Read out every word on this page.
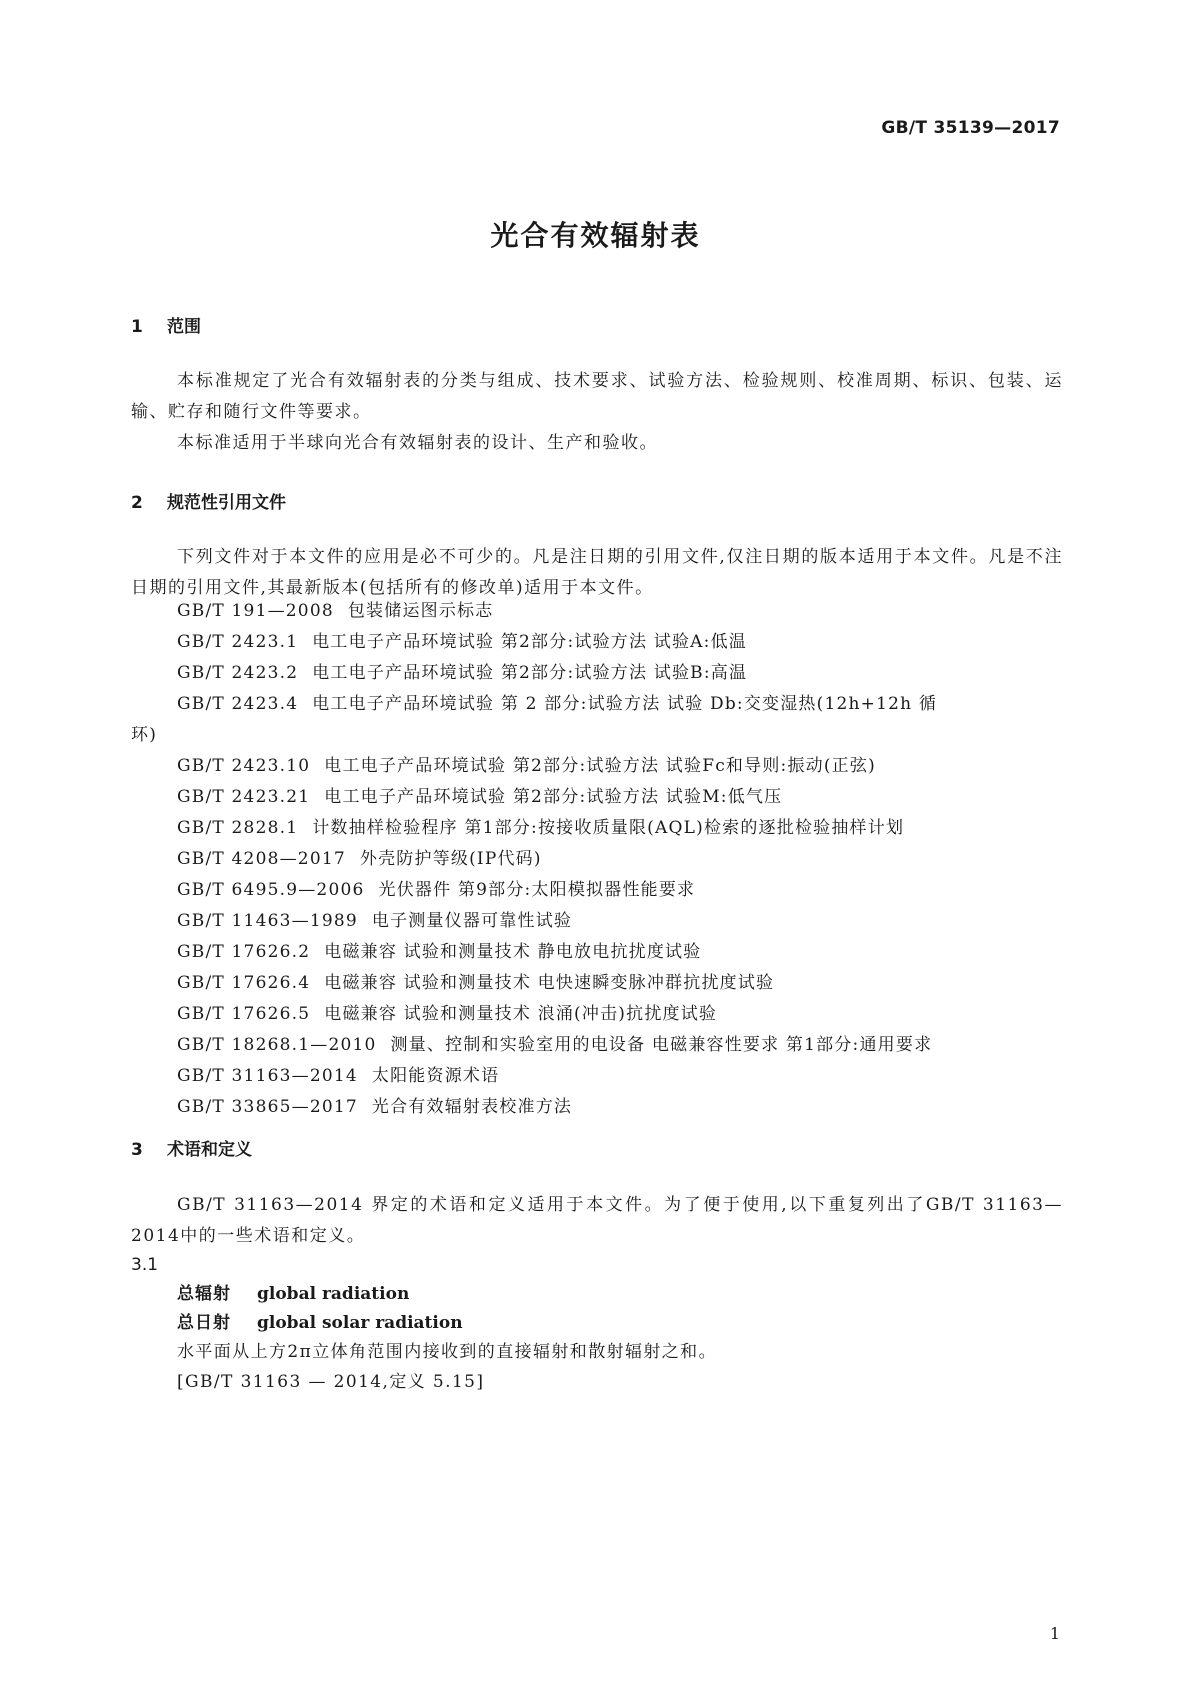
GB/T 35139—2017
光合有效辐射表
1 范围
本标准规定了光合有效辐射表的分类与组成、技术要求、试验方法、检验规则、校准周期、标识、包装、运输、贮存和随行文件等要求。
本标准适用于半球向光合有效辐射表的设计、生产和验收。
2 规范性引用文件
下列文件对于本文件的应用是必不可少的。凡是注日期的引用文件,仅注日期的版本适用于本文件。凡是不注日期的引用文件,其最新版本(包括所有的修改单)适用于本文件。
GB/T 191—2008 包装储运图示标志
GB/T 2423.1 电工电子产品环境试验 第2部分:试验方法 试验A:低温
GB/T 2423.2 电工电子产品环境试验 第2部分:试验方法 试验B:高温
GB/T 2423.4 电工电子产品环境试验 第 2 部分:试验方法 试验 Db:交变湿热(12h+12h 循
环)
GB/T 2423.10 电工电子产品环境试验 第2部分:试验方法 试验Fc和导则:振动(正弦)
GB/T 2423.21 电工电子产品环境试验 第2部分:试验方法 试验M:低气压
GB/T 2828.1 计数抽样检验程序 第1部分:按接收质量限(AQL)检索的逐批检验抽样计划
GB/T 4208—2017 外壳防护等级(IP代码)
GB/T 6495.9—2006 光伏器件 第9部分:太阳模拟器性能要求
GB/T 11463—1989 电子测量仪器可靠性试验
GB/T 17626.2 电磁兼容 试验和测量技术 静电放电抗扰度试验
GB/T 17626.4 电磁兼容 试验和测量技术 电快速瞬变脉冲群抗扰度试验
GB/T 17626.5 电磁兼容 试验和测量技术 浪涌(冲击)抗扰度试验
GB/T 18268.1—2010 测量、控制和实验室用的电设备 电磁兼容性要求 第1部分:通用要求
GB/T 31163—2014 太阳能资源术语
GB/T 33865—2017 光合有效辐射表校准方法
3 术语和定义
GB/T 31163—2014 界定的术语和定义适用于本文件。为了便于使用,以下重复列出了GB/T 31163—2014中的一些术语和定义。
3.1
总辐射 global radiation
总日射 global solar radiation
水平面从上方2π立体角范围内接收到的直接辐射和散射辐射之和。
[GB/T 31163 — 2014,定义 5.15]
1
